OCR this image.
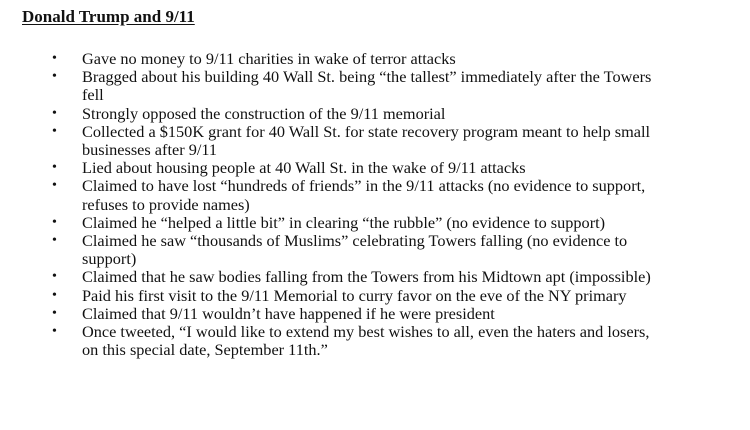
Donald Trump and 9/11
• Gave no money to 9/11 charities in wake of terror attacks
• Bragged about his building 40 Wall St. being “the tallest” immediately after the Towers
fell
• Strongly opposed the construction of the 9/11 memorial
• Collected a $150K grant for 40 Wall St. for state recovery program meant to help small
businesses after 9/11
• Lied about housing people at 40 Wall St. in the wake of 9/11 attacks
• Claimed to have lost “hundreds of friends” in the 9/11 attacks (no evidence to support,
refuses to provide names)
• Claimed he “helped a little bit” in clearing “the rubble” (no evidence to support)
• Claimed he saw “thousands of Muslims” celebrating Towers falling (no evidence to
support)
• Claimed that he saw bodies falling from the Towers from his Midtown apt (impossible)
• Paid his first visit to the 9/11 Memorial to curry favor on the eve of the NY primary
• Claimed that 9/11 wouldn’t have happened if he were president
• Once tweeted, “I would like to extend my best wishes to all, even the haters and losers,
on this special date, September 11th.”
